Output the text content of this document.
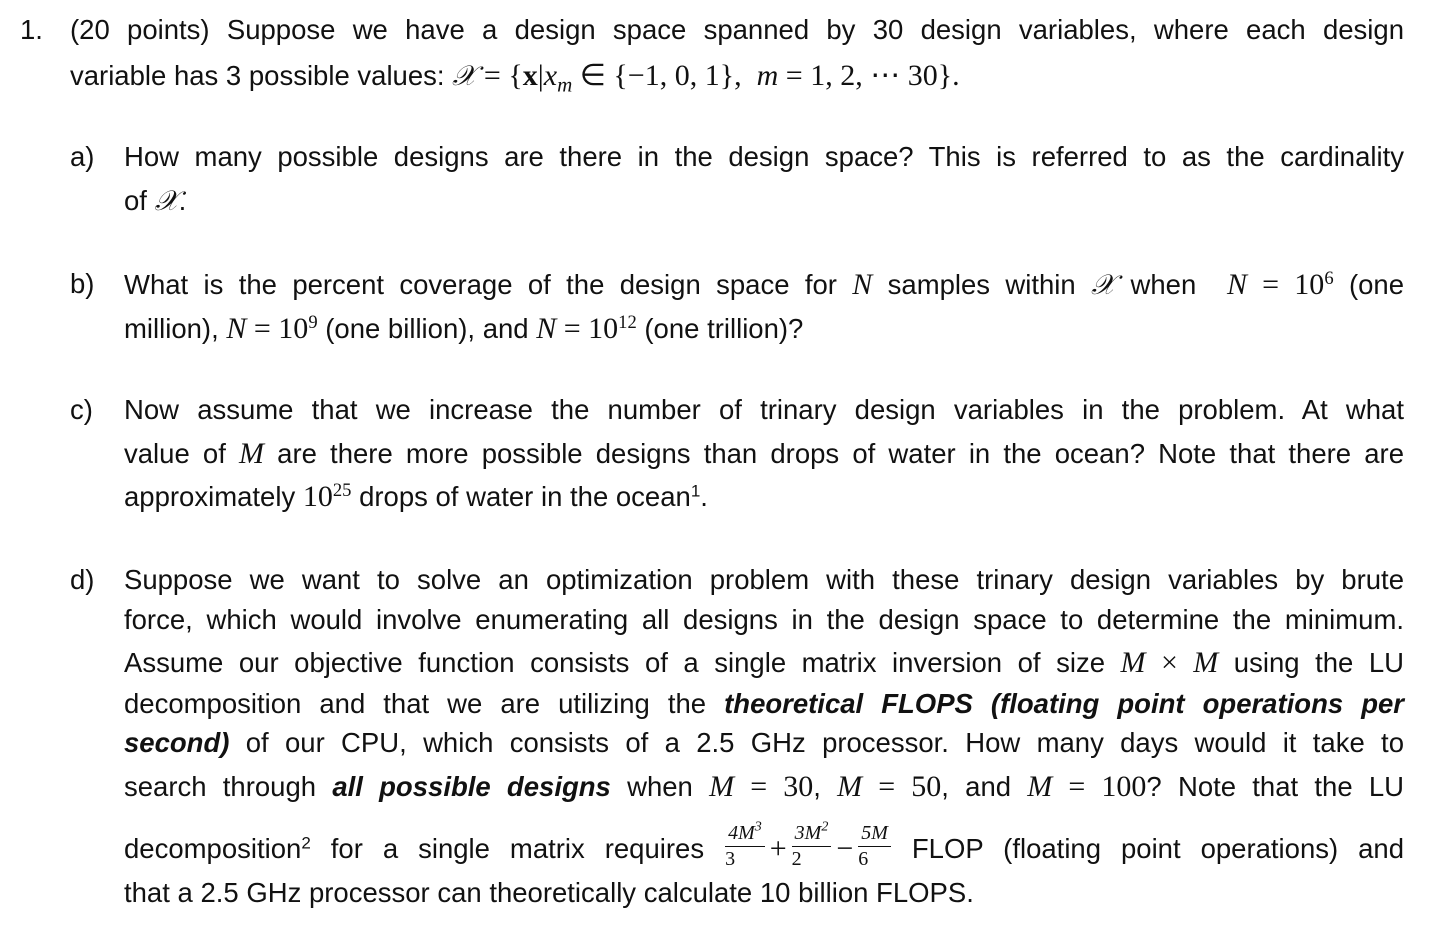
1. (20 points) Suppose we have a design space spanned by 30 design variables, where each design
variable has 3 possible values: 𝒳 = {$x|x_m$ ∈ {−1, 0, 1},  m = 1, 2, ⋯ 30}.
a) How many possible designs are there in the design space? This is referred to as the cardinality
of 𝒳.
b) What is the percent coverage of the design space for N samples within 𝒳 when  $N = 10^6$ (one
million), $N = 10^9$ (one billion), and $N = 10^{12}$ (one trillion)?
c) Now assume that we increase the number of trinary design variables in the problem. At what
value of M are there more possible designs than drops of water in the ocean? Note that there are
approximately $10^{25}$ drops of water in the ocean$^1$.
d) Suppose we want to solve an optimization problem with these trinary design variables by brute
force, which would involve enumerating all designs in the design space to determine the minimum.
Assume our objective function consists of a single matrix inversion of size M × M using the LU
decomposition and that we are utilizing the theoretical FLOPS (floating point operations per
second) of our CPU, which consists of a 2.5 GHz processor. How many days would it take to
search through all possible designs when M = 30, M = 50, and M = 100? Note that the LU
decomposition$^2$ for a single matrix requires $\frac{4M^3}{3} + \frac{3M^2}{2} - \frac{5M}{6}$ FLOP (floating point operations) and
that a 2.5 GHz processor can theoretically calculate 10 billion FLOPS.
